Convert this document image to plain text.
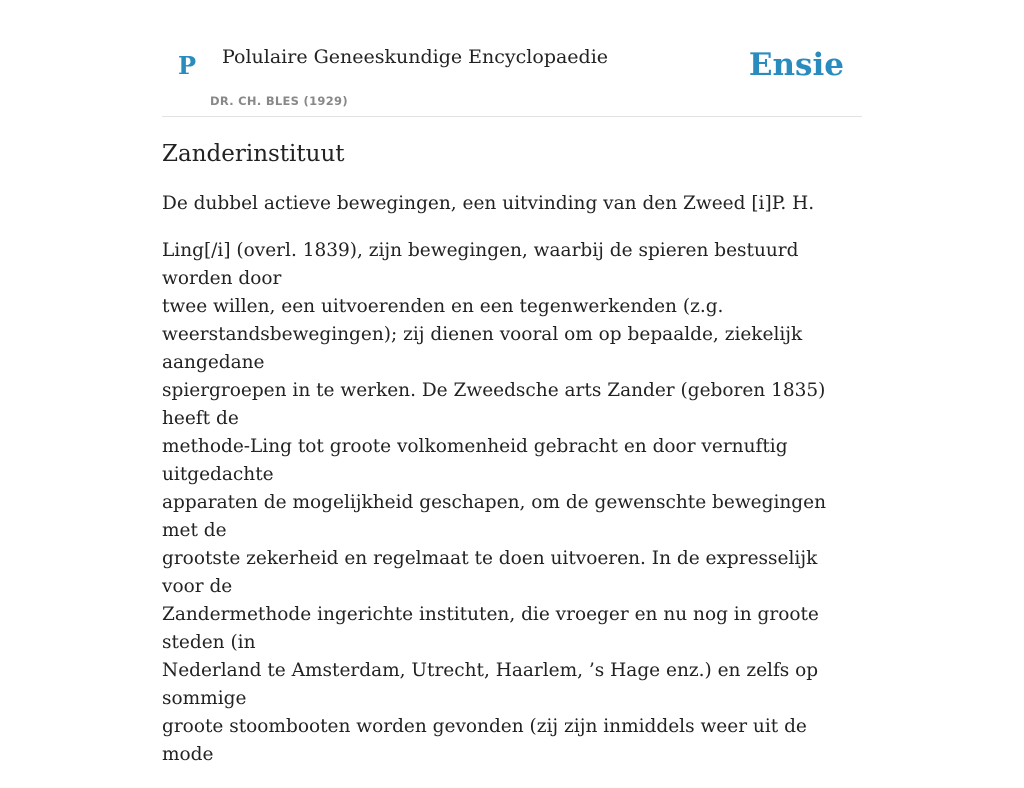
P Polulaire Geneeskundige Encyclopaedie
DR. CH. BLES (1929)
Ensie
Zanderinstituut

De dubbel actieve bewegingen, een uitvinding van den Zweed [i]P. H.

Ling[/i] (overl. 1839), zijn bewegingen, waarbij de spieren bestuurd worden door
twee willen, een uitvoerenden en een tegenwerkenden (z.g.
weerstandsbewegingen); zij dienen vooral om op bepaalde, ziekelijk aangedane
spiergroepen in te werken. De Zweedsche arts Zander (geboren 1835) heeft de
methode-Ling tot groote volkomenheid gebracht en door vernuftig uitgedachte
apparaten de mogelijkheid geschapen, om de gewenschte bewegingen met de
grootste zekerheid en regelmaat te doen uitvoeren. In de expresselijk voor de
Zandermethode ingerichte instituten, die vroeger en nu nog in groote steden (in
Nederland te Amsterdam, Utrecht, Haarlem, ’s Hage enz.) en zelfs op sommige
groote stoombooten worden gevonden (zij zijn inmiddels weer uit de mode
